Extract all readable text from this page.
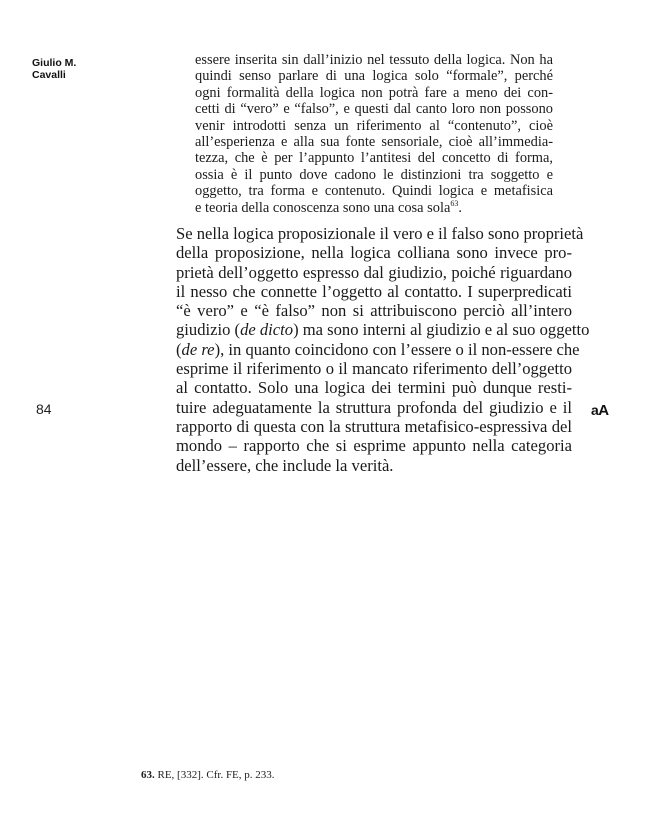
Giulio M.
Cavalli
essere inserita sin dall’inizio nel tessuto della logica. Non ha
quindi senso parlare di una logica solo “formale”, perché
ogni formalità della logica non potrà fare a meno dei con-
cetti di “vero” e “falso”, e questi dal canto loro non possono
venir introdotti senza un riferimento al “contenuto”, cioè
all’esperienza e alla sua fonte sensoriale, cioè all’immedia-
tezza, che è per l’appunto l’antitesi del concetto di forma,
ossia è il punto dove cadono le distinzioni tra soggetto e
oggetto, tra forma e contenuto. Quindi logica e metafisica
e teoria della conoscenza sono una cosa sola$^{63}$.
Se nella logica proposizionale il vero e il falso sono proprietà
della proposizione, nella logica colliana sono invece pro-
prietà dell’oggetto espresso dal giudizio, poiché riguardano
il nesso che connette l’oggetto al contatto. I superpredicati
“è vero” e “è falso” non si attribuiscono perciò all’intero
giudizio (de dicto) ma sono interni al giudizio e al suo oggetto
(de re), in quanto coincidono con l’essere o il non-essere che
esprime il riferimento o il mancato riferimento dell’oggetto
al contatto. Solo una logica dei termini può dunque resti-
tuire adeguatamente la struttura profonda del giudizio e il
rapporto di questa con la struttura metafisico-espressiva del
mondo – rapporto che si esprime appunto nella categoria
dell’essere, che include la verità.
84	aA
63. RE, [332]. Cfr. FE, p. 233.
